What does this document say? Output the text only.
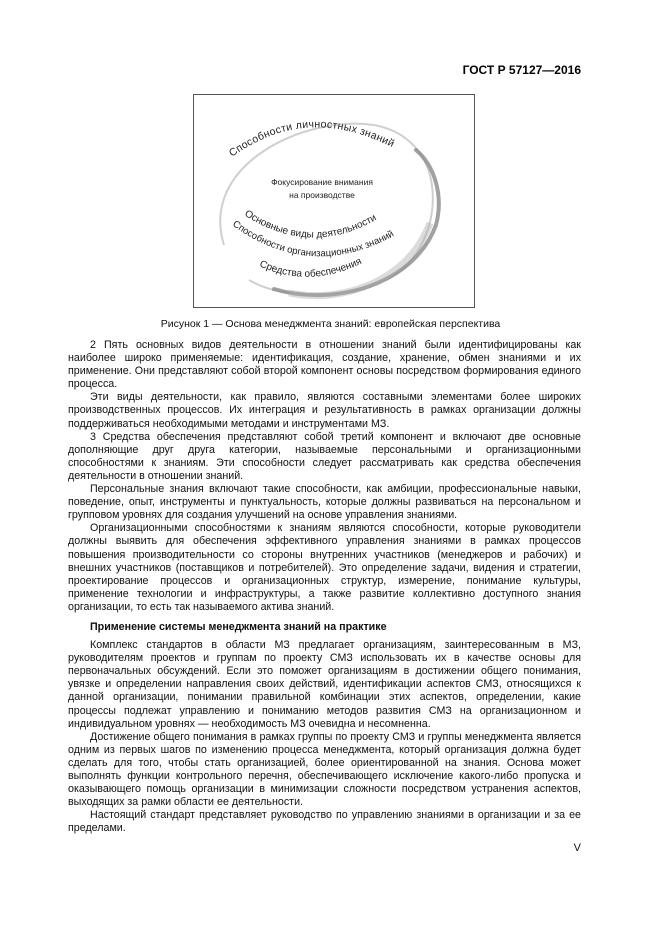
ГОСТ Р 57127—2016
Способности личностных знаний
Фокусирование внимания
на производстве
Основные виды деятельности
Способности организационных знаний
Средства обеспечения
Рисунок 1 — Основа менеджмента знаний: европейская перспектива

2 Пять основных видов деятельности в отношении знаний были идентифицированы как наиболее широко применяемые: идентификация, создание, хранение, обмен знаниями и их применение. Они представляют собой второй компонент основы посредством формирования единого процесса.

Эти виды деятельности, как правило, являются составными элементами более широких производственных процессов. Их интеграция и результативность в рамках организации должны поддерживаться необходимыми методами и инструментами МЗ.

3 Средства обеспечения представляют собой третий компонент и включают две основные дополняющие друг друга категории, называемые персональными и организационными способностями к знаниям. Эти способности следует рассматривать как средства обеспечения деятельности в отношении знаний.

Персональные знания включают такие способности, как амбиции, профессиональные навыки, поведение, опыт, инструменты и пунктуальность, которые должны развиваться на персональном и групповом уровнях для создания улучшений на основе управления знаниями.

Организационными способностями к знаниям являются способности, которые руководители должны выявить для обеспечения эффективного управления знаниями в рамках процессов повышения производительности со стороны внутренних участников (менеджеров и рабочих) и внешних участников (поставщиков и потребителей). Это определение задачи, видения и стратегии, проектирование процессов и организационных структур, измерение, понимание культуры, применение технологии и инфраструктуры, а также развитие коллективно доступного знания организации, то есть так называемого актива знаний.

Применение системы менеджмента знаний на практике

Комплекс стандартов в области МЗ предлагает организациям, заинтересованным в МЗ, руководителям проектов и группам по проекту СМЗ использовать их в качестве основы для первоначальных обсуждений. Если это поможет организациям в достижении общего понимания, увязке и определении направления своих действий, идентификации аспектов СМЗ, относящихся к данной организации, понимании правильной комбинации этих аспектов, определении, какие процессы подлежат управлению и пониманию методов развития СМЗ на организационном и индивидуальном уровнях — необходимость МЗ очевидна и несомненна.

Достижение общего понимания в рамках группы по проекту СМЗ и группы менеджмента является одним из первых шагов по изменению процесса менеджмента, который организация должна будет сделать для того, чтобы стать организацией, более ориентированной на знания. Основа может выполнять функции контрольного перечня, обеспечивающего исключение какого-либо пропуска и оказывающего помощь организации в минимизации сложности посредством устранения аспектов, выходящих за рамки области ее деятельности.

Настоящий стандарт представляет руководство по управлению знаниями в организации и за ее пределами.

V
